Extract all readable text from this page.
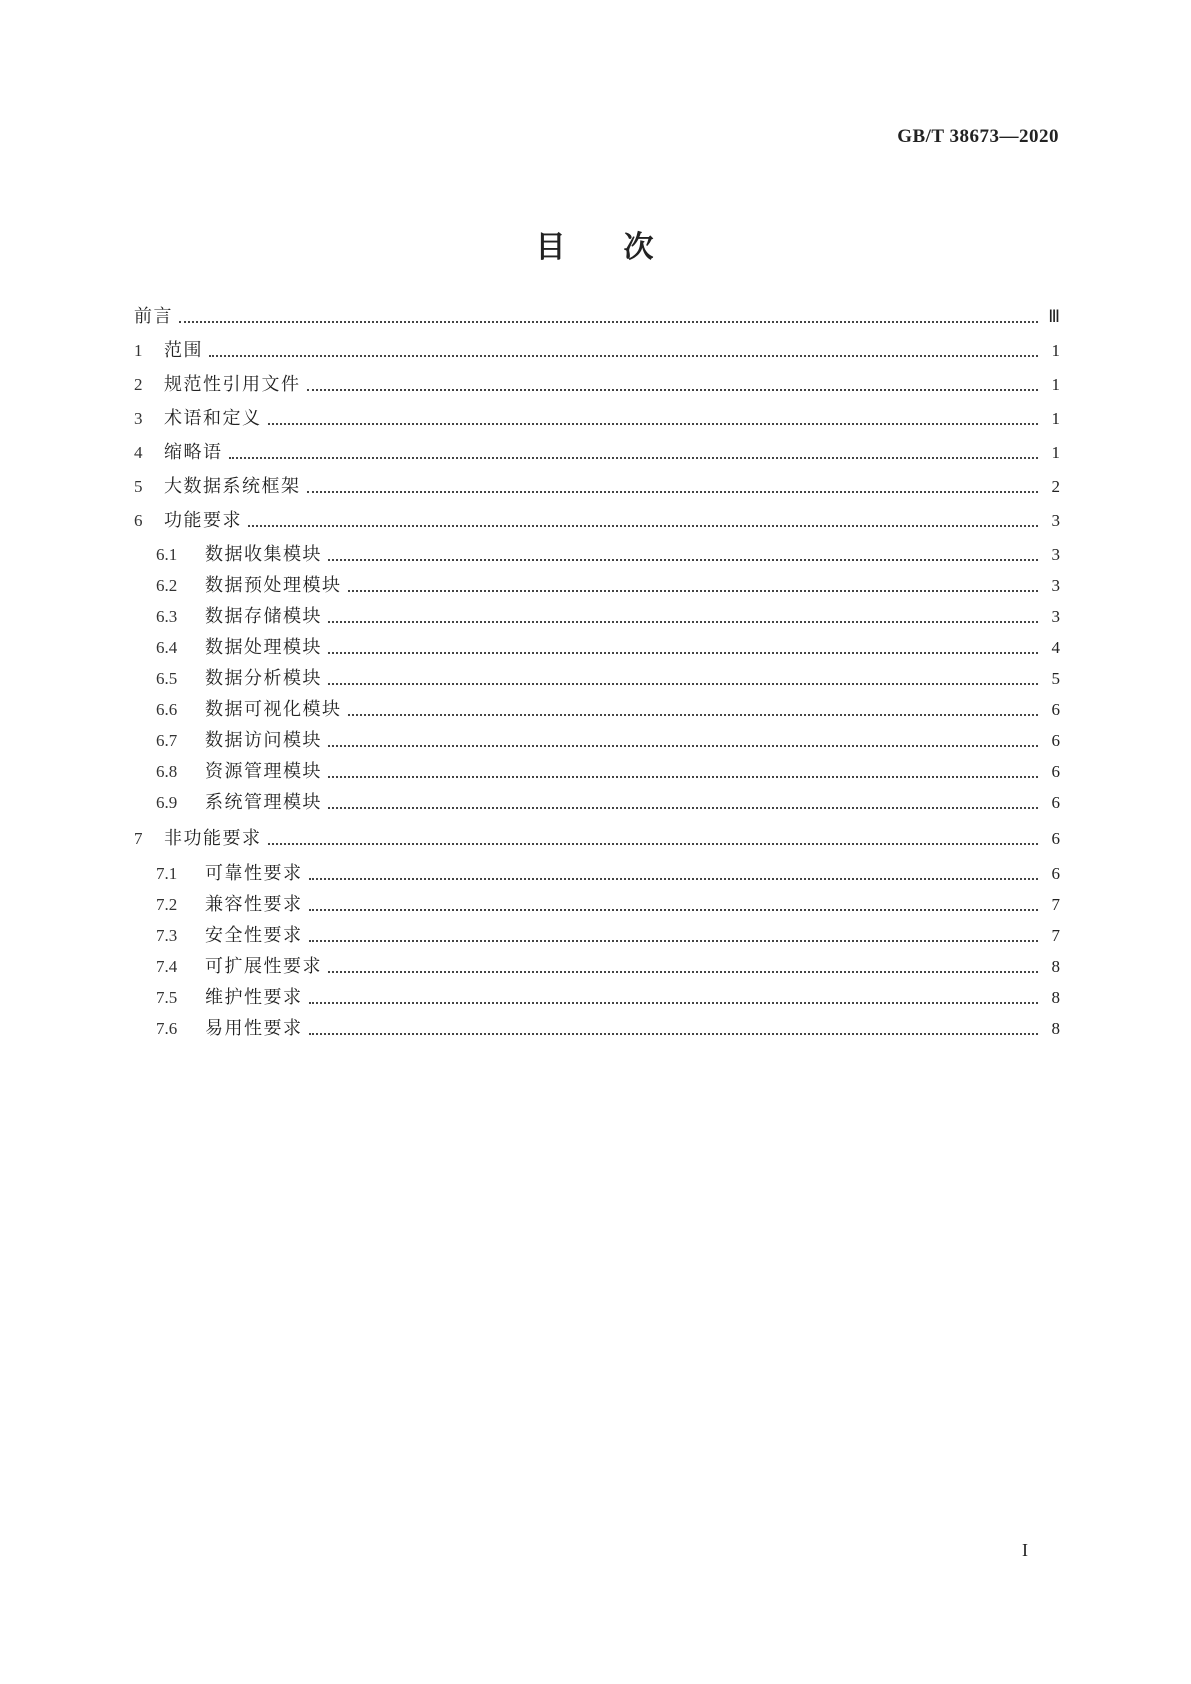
GB/T 38673—2020
目 次
前言	Ⅲ
1	范围	1
2	规范性引用文件	1
3	术语和定义	1
4	缩略语	1
5	大数据系统框架	2
6	功能要求	3
6.1	数据收集模块	3
6.2	数据预处理模块	3
6.3	数据存储模块	3
6.4	数据处理模块	4
6.5	数据分析模块	5
6.6	数据可视化模块	6
6.7	数据访问模块	6
6.8	资源管理模块	6
6.9	系统管理模块	6
7	非功能要求	6
7.1	可靠性要求	6
7.2	兼容性要求	7
7.3	安全性要求	7
7.4	可扩展性要求	8
7.5	维护性要求	8
7.6	易用性要求	8
I
